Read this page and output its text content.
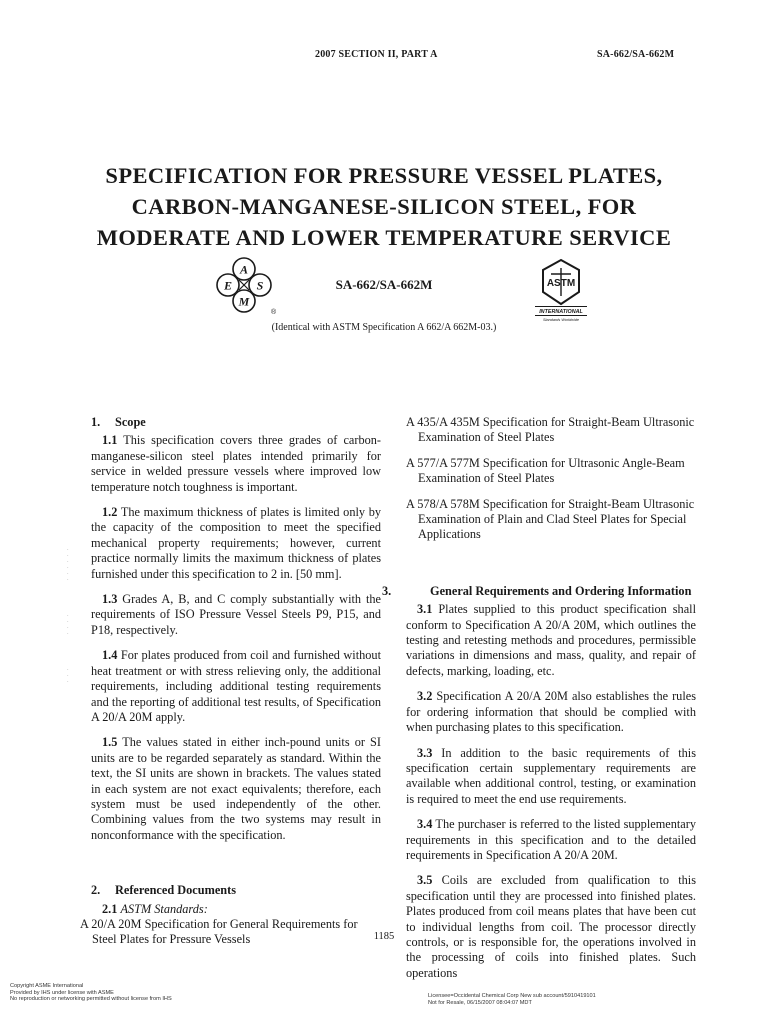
2007 SECTION II, PART A	SA-662/SA-662M
SPECIFICATION FOR PRESSURE VESSEL PLATES,
CARBON-MANGANESE-SILICON STEEL, FOR
MODERATE AND LOWER TEMPERATURE SERVICE
A
E S
M
®
SA-662/SA-662M	ASTM
INTERNATIONAL
Standards Worldwide
(Identical with ASTM Specification A 662/A 662M-03.)
·
·
·
·
·
·

·
·
·
·

·
·
·
1. Scope

1.1 This specification covers three grades of carbon-manganese-silicon steel plates intended primarily for service in welded pressure vessels where improved low temperature notch toughness is important.

1.2 The maximum thickness of plates is limited only by the capacity of the composition to meet the specified mechanical property requirements; however, current practice normally limits the maximum thickness of plates furnished under this specification to 2 in. [50 mm].

1.3 Grades A, B, and C comply substantially with the requirements of ISO Pressure Vessel Steels P9, P15, and P18, respectively.

1.4 For plates produced from coil and furnished without heat treatment or with stress relieving only, the additional requirements, including additional testing requirements and the reporting of additional test results, of Specification A 20/A 20M apply.

1.5 The values stated in either inch-pound units or SI units are to be regarded separately as standard. Within the text, the SI units are shown in brackets. The values stated in each system are not exact equivalents; therefore, each system must be used independently of the other. Combining values from the two systems may result in nonconformance with the specification.

2. Referenced Documents

2.1 ASTM Standards:

A 20/A 20M Specification for General Requirements for Steel Plates for Pressure Vessels

A 435/A 435M Specification for Straight-Beam Ultrasonic Examination of Steel Plates

A 577/A 577M Specification for Ultrasonic Angle-Beam Examination of Steel Plates

A 578/A 578M Specification for Straight-Beam Ultrasonic Examination of Plain and Clad Steel Plates for Special Applications

3.	General Requirements and Ordering Information

3.1 Plates supplied to this product specification shall conform to Specification A 20/A 20M, which outlines the testing and retesting methods and procedures, permissible variations in dimensions and mass, quality, and repair of defects, marking, loading, etc.

3.2 Specification A 20/A 20M also establishes the rules for ordering information that should be complied with when purchasing plates to this specification.

3.3 In addition to the basic requirements of this specification certain supplementary requirements are available when additional control, testing, or examination is required to meet the end use requirements.

3.4 The purchaser is referred to the listed supplementary requirements in this specification and to the detailed requirements in Specification A 20/A 20M.

3.5 Coils are excluded from qualification to this specification until they are processed into finished plates. Plates produced from coil means plates that have been cut to individual lengths from coil. The processor directly controls, or is responsible for, the operations involved in the processing of coils into finished plates. Such operations

1185
Copyright ASME International
Provided by IHS under license with ASME
No reproduction or networking permitted without license from IHS
Licensee=Occidental Chemical Corp New sub account/5910419101
Not for Resale, 06/15/2007 08:04:07 MDT
